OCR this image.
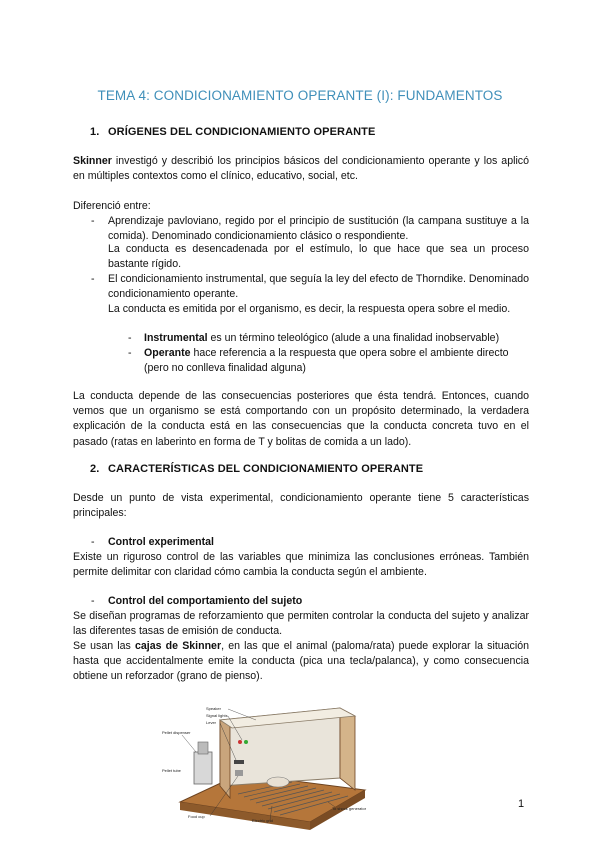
TEMA 4: CONDICIONAMIENTO OPERANTE (I): FUNDAMENTOS
1. ORÍGENES DEL CONDICIONAMIENTO OPERANTE
Skinner investigó y describió los principios básicos del condicionamiento operante y los aplicó en múltiples contextos como el clínico, educativo, social, etc.
Diferenció entre:
- Aprendizaje pavloviano, regido por el principio de sustitución (la campana sustituye a la comida). Denominado condicionamiento clásico o respondiente.
La conducta es desencadenada por el estímulo, lo que hace que sea un proceso bastante rígido.
- El condicionamiento instrumental, que seguía la ley del efecto de Thorndike. Denominado condicionamiento operante.
La conducta es emitida por el organismo, es decir, la respuesta opera sobre el medio.
- Instrumental es un término teleológico (alude a una finalidad inobservable)
- Operante hace referencia a la respuesta que opera sobre el ambiente directo (pero no conlleva finalidad alguna)
La conducta depende de las consecuencias posteriores que ésta tendrá. Entonces, cuando vemos que un organismo se está comportando con un propósito determinado, la verdadera explicación de la conducta está en las consecuencias que la conducta concreta tuvo en el pasado (ratas en laberinto en forma de T y bolitas de comida a un lado).
2. CARACTERÍSTICAS DEL CONDICIONAMIENTO OPERANTE
Desde un punto de vista experimental, condicionamiento operante tiene 5 características principales:
- Control experimental
Existe un riguroso control de las variables que minimiza las conclusiones erróneas. También permite delimitar con claridad cómo cambia la conducta según el ambiente.
- Control del comportamiento del sujeto
Se diseñan programas de reforzamiento que permiten controlar la conducta del sujeto y analizar las diferentes tasas de emisión de conducta.
Se usan las cajas de Skinner, en las que el animal (paloma/rata) puede explorar la situación hasta que accidentalmente emite la conducta (pica una tecla/palanca), y como consecuencia obtiene un reforzador (grano de pienso).
Speaker
Signal lights
Lever
Pellet dispenser
Pellet tube
Food cup
Electric grid
To shock generator	1
